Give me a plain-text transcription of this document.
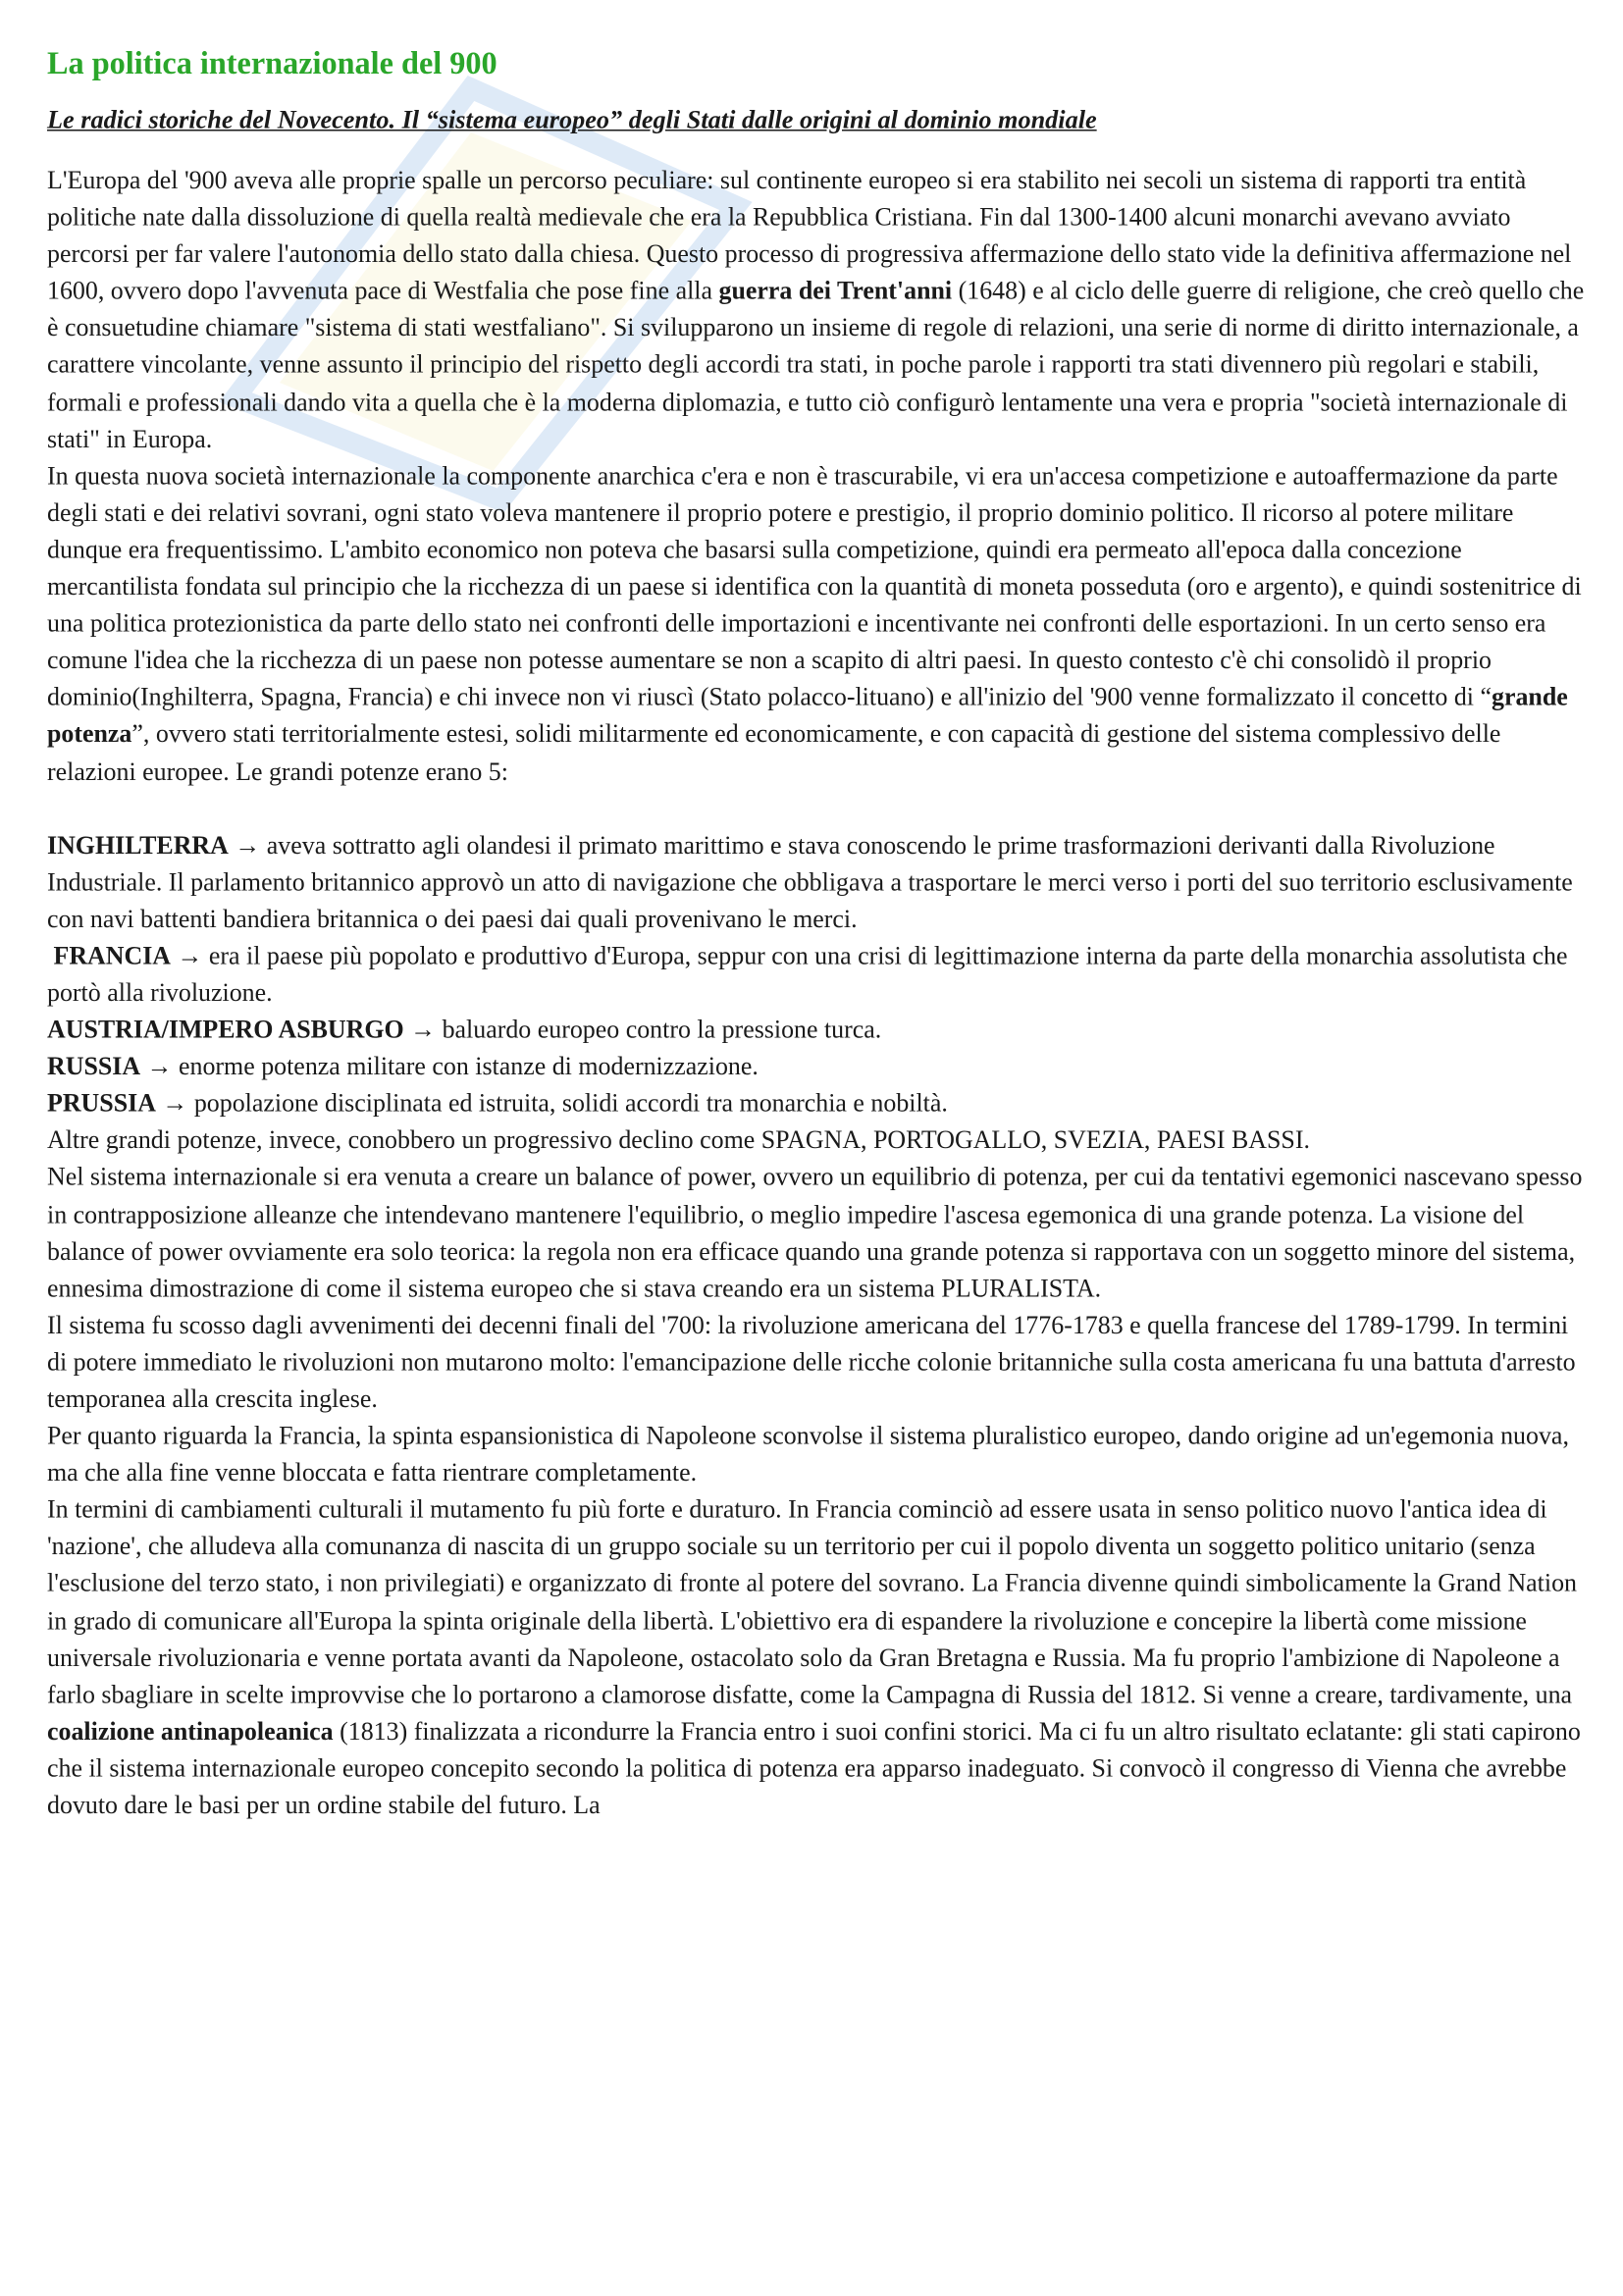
La politica internazionale del 900
Le radici storiche del Novecento. Il “sistema europeo” degli Stati dalle origini al dominio mondiale

L'Europa del '900 aveva alle proprie spalle un percorso peculiare: sul continente europeo si era stabilito nei secoli un sistema di rapporti tra entità politiche nate dalla dissoluzione di quella realtà medievale che era la Repubblica Cristiana. Fin dal 1300-1400 alcuni monarchi avevano avviato percorsi per far valere l'autonomia dello stato dalla chiesa. Questo processo di progressiva affermazione dello stato vide la definitiva affermazione nel 1600, ovvero dopo l'avvenuta pace di Westfalia che pose fine alla guerra dei Trent'anni (1648) e al ciclo delle guerre di religione, che creò quello che è consuetudine chiamare "sistema di stati westfaliano". Si svilupparono un insieme di regole di relazioni, una serie di norme di diritto internazionale, a carattere vincolante, venne assunto il principio del rispetto degli accordi tra stati, in poche parole i rapporti tra stati divennero più regolari e stabili, formali e professionali dando vita a quella che è la moderna diplomazia, e tutto ciò configurò lentamente una vera e propria "società internazionale di stati" in Europa.

In questa nuova società internazionale la componente anarchica c'era e non è trascurabile, vi era un'accesa competizione e autoaffermazione da parte degli stati e dei relativi sovrani, ogni stato voleva mantenere il proprio potere e prestigio, il proprio dominio politico. Il ricorso al potere militare dunque era frequentissimo. L'ambito economico non poteva che basarsi sulla competizione, quindi era permeato all'epoca dalla concezione mercantilista fondata sul principio che la ricchezza di un paese si identifica con la quantità di moneta posseduta (oro e argento), e quindi sostenitrice di una politica protezionistica da parte dello stato nei confronti delle importazioni e incentivante nei confronti delle esportazioni. In un certo senso era comune l'idea che la ricchezza di un paese non potesse aumentare se non a scapito di altri paesi. In questo contesto c'è chi consolidò il proprio dominio(Inghilterra, Spagna, Francia) e chi invece non vi riuscì (Stato polacco-lituano) e all'inizio del '900 venne formalizzato il concetto di “grande potenza”, ovvero stati territorialmente estesi, solidi militarmente ed economicamente, e con capacità di gestione del sistema complessivo delle relazioni europee. Le grandi potenze erano 5:

INGHILTERRA → aveva sottratto agli olandesi il primato marittimo e stava conoscendo le prime trasformazioni derivanti dalla Rivoluzione Industriale. Il parlamento britannico approvò un atto di navigazione che obbligava a trasportare le merci verso i porti del suo territorio esclusivamente con navi battenti bandiera britannica o dei paesi dai quali provenivano le merci.

FRANCIA → era il paese più popolato e produttivo d'Europa, seppur con una crisi di legittimazione interna da parte della monarchia assolutista che portò alla rivoluzione.

AUSTRIA/IMPERO ASBURGO → baluardo europeo contro la pressione turca.

RUSSIA → enorme potenza militare con istanze di modernizzazione.

PRUSSIA → popolazione disciplinata ed istruita, solidi accordi tra monarchia e nobiltà.

Altre grandi potenze, invece, conobbero un progressivo declino come SPAGNA, PORTOGALLO, SVEZIA, PAESI BASSI.

Nel sistema internazionale si era venuta a creare un balance of power, ovvero un equilibrio di potenza, per cui da tentativi egemonici nascevano spesso in contrapposizione alleanze che intendevano mantenere l'equilibrio, o meglio impedire l'ascesa egemonica di una grande potenza. La visione del balance of power ovviamente era solo teorica: la regola non era efficace quando una grande potenza si rapportava con un soggetto minore del sistema, ennesima dimostrazione di come il sistema europeo che si stava creando era un sistema PLURALISTA.

Il sistema fu scosso dagli avvenimenti dei decenni finali del '700: la rivoluzione americana del 1776-1783 e quella francese del 1789-1799. In termini di potere immediato le rivoluzioni non mutarono molto: l'emancipazione delle ricche colonie britanniche sulla costa americana fu una battuta d'arresto temporanea alla crescita inglese.

Per quanto riguarda la Francia, la spinta espansionistica di Napoleone sconvolse il sistema pluralistico europeo, dando origine ad un'egemonia nuova, ma che alla fine venne bloccata e fatta rientrare completamente.

In termini di cambiamenti culturali il mutamento fu più forte e duraturo. In Francia cominciò ad essere usata in senso politico nuovo l'antica idea di 'nazione', che alludeva alla comunanza di nascita di un gruppo sociale su un territorio per cui il popolo diventa un soggetto politico unitario (senza l'esclusione del terzo stato, i non privilegiati) e organizzato di fronte al potere del sovrano. La Francia divenne quindi simbolicamente la Grand Nation in grado di comunicare all'Europa la spinta originale della libertà. L'obiettivo era di espandere la rivoluzione e concepire la libertà come missione universale rivoluzionaria e venne portata avanti da Napoleone, ostacolato solo da Gran Bretagna e Russia. Ma fu proprio l'ambizione di Napoleone a farlo sbagliare in scelte improvvise che lo portarono a clamorose disfatte, come la Campagna di Russia del 1812. Si venne a creare, tardivamente, una coalizione antinapoleanica (1813) finalizzata a ricondurre la Francia entro i suoi confini storici. Ma ci fu un altro risultato eclatante: gli stati capirono che il sistema internazionale europeo concepito secondo la politica di potenza era apparso inadeguato. Si convocò il congresso di Vienna che avrebbe dovuto dare le basi per un ordine stabile del futuro. La
